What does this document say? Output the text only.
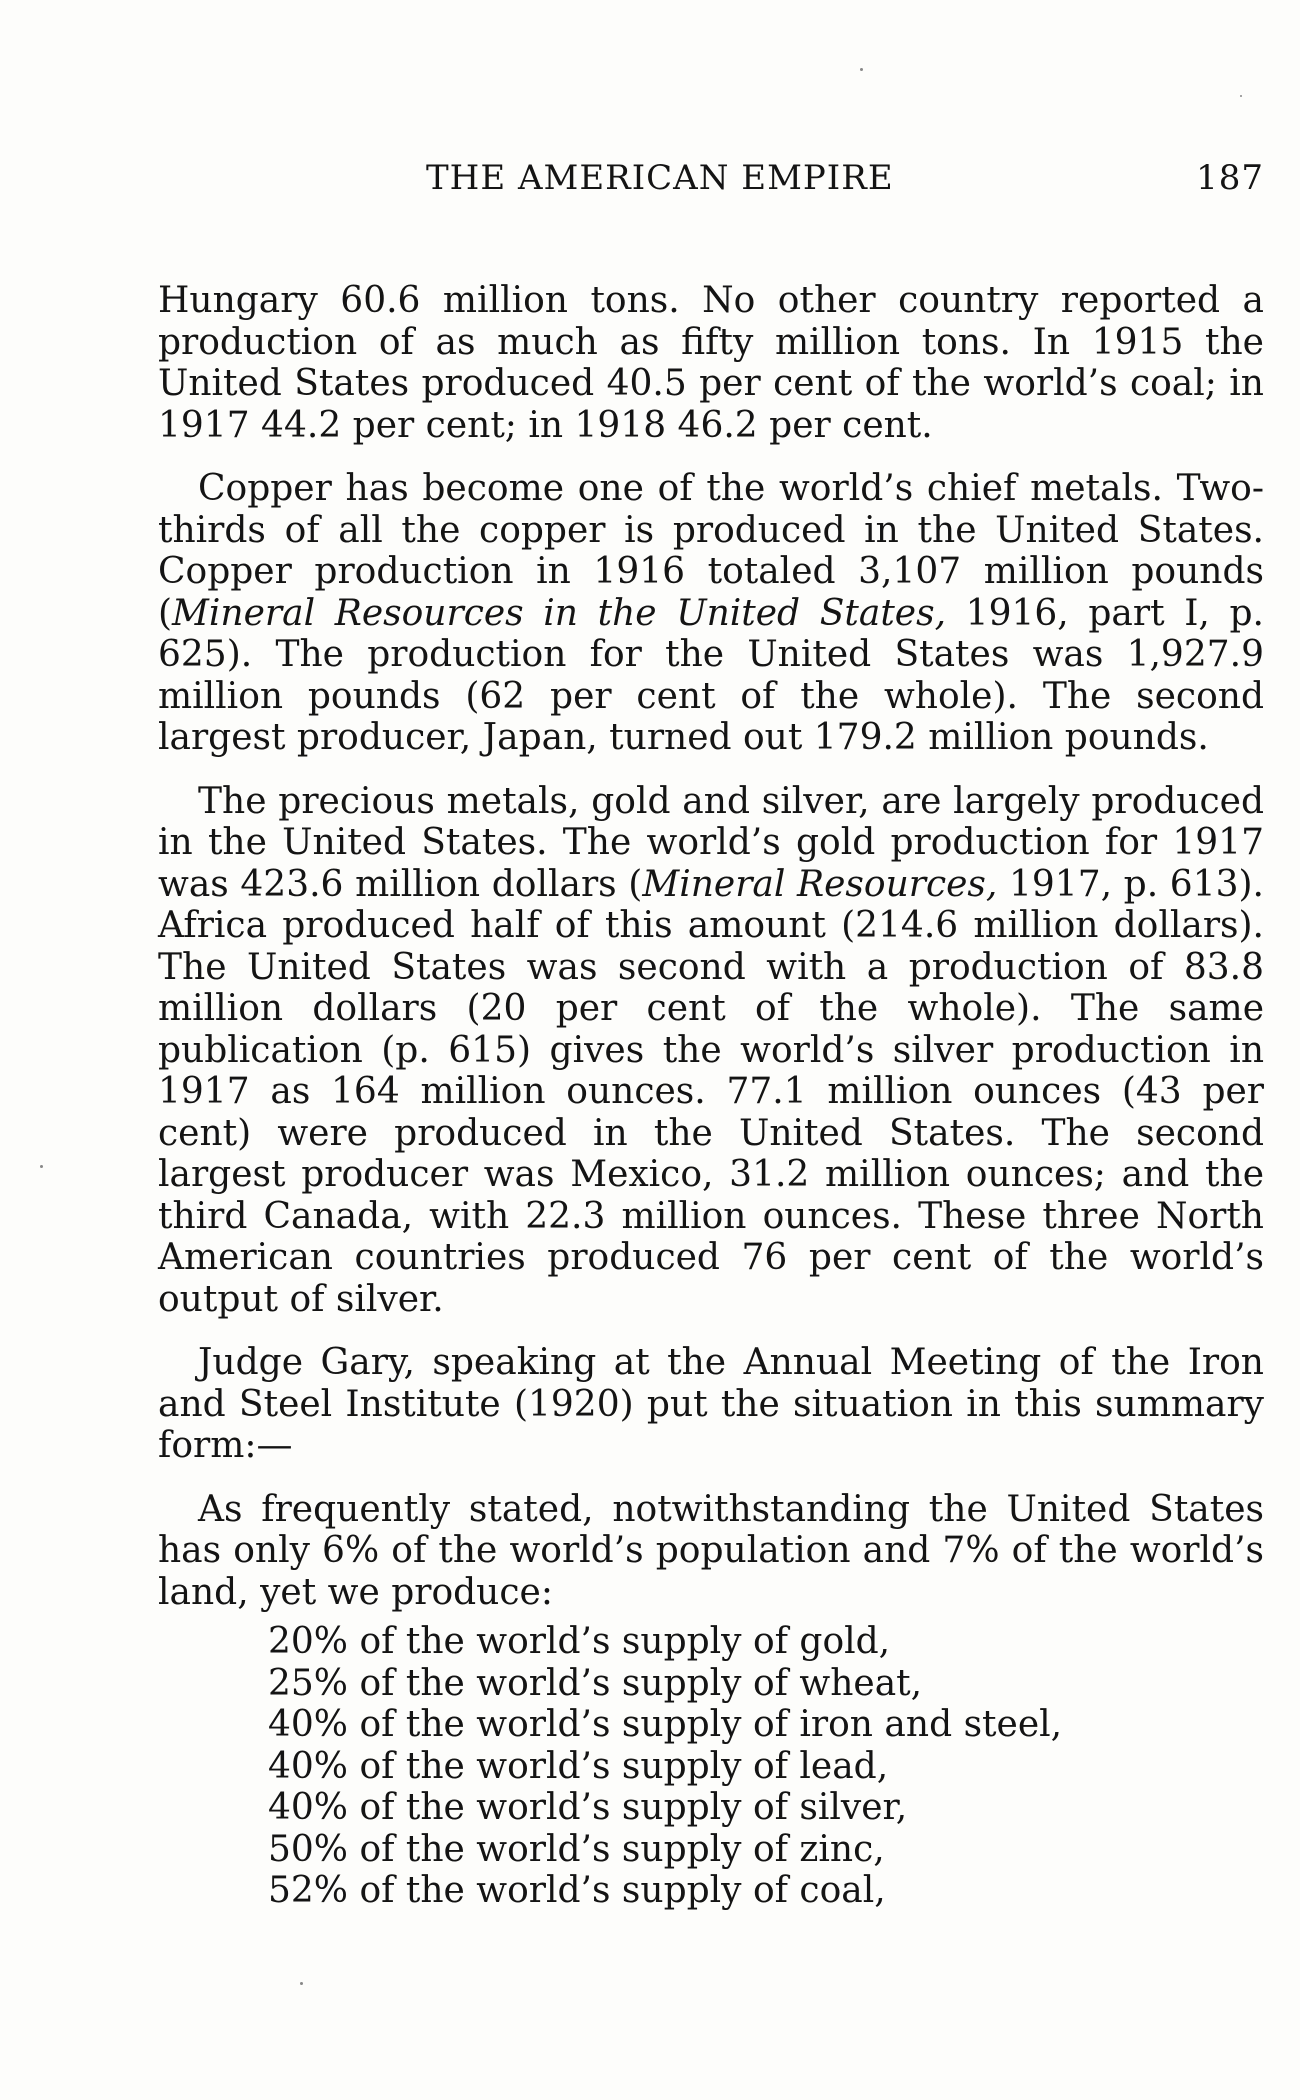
THE AMERICAN EMPIRE	187

Hungary 60.6 million tons. No other country reported a production of as much as fifty million tons. In 1915 the United States produced 40.5 per cent of the world’s coal; in 1917 44.2 per cent; in 1918 46.2 per cent.

Copper has become one of the world’s chief metals. Two-thirds of all the copper is produced in the United States. Copper production in 1916 totaled 3,107 million pounds (Mineral Resources in the United States, 1916, part I, p. 625). The production for the United States was 1,927.9 million pounds (62 per cent of the whole). The second largest producer, Japan, turned out 179.2 million pounds.

The precious metals, gold and silver, are largely produced in the United States. The world’s gold production for 1917 was 423.6 million dollars (Mineral Resources, 1917, p. 613). Africa produced half of this amount (214.6 million dollars). The United States was second with a production of 83.8 million dollars (20 per cent of the whole). The same publication (p. 615) gives the world’s silver production in 1917 as 164 million ounces. 77.1 million ounces (43 per cent) were produced in the United States. The second largest producer was Mexico, 31.2 million ounces; and the third Canada, with 22.3 million ounces. These three North American countries produced 76 per cent of the world’s output of silver.

Judge Gary, speaking at the Annual Meeting of the Iron and Steel Institute (1920) put the situation in this summary form:—

As frequently stated, notwithstanding the United States has only 6% of the world’s population and 7% of the world’s land, yet we produce:

20% of the world’s supply of gold,
25% of the world’s supply of wheat,
40% of the world’s supply of iron and steel,
40% of the world’s supply of lead,
40% of the world’s supply of silver,
50% of the world’s supply of zinc,
52% of the world’s supply of coal,
